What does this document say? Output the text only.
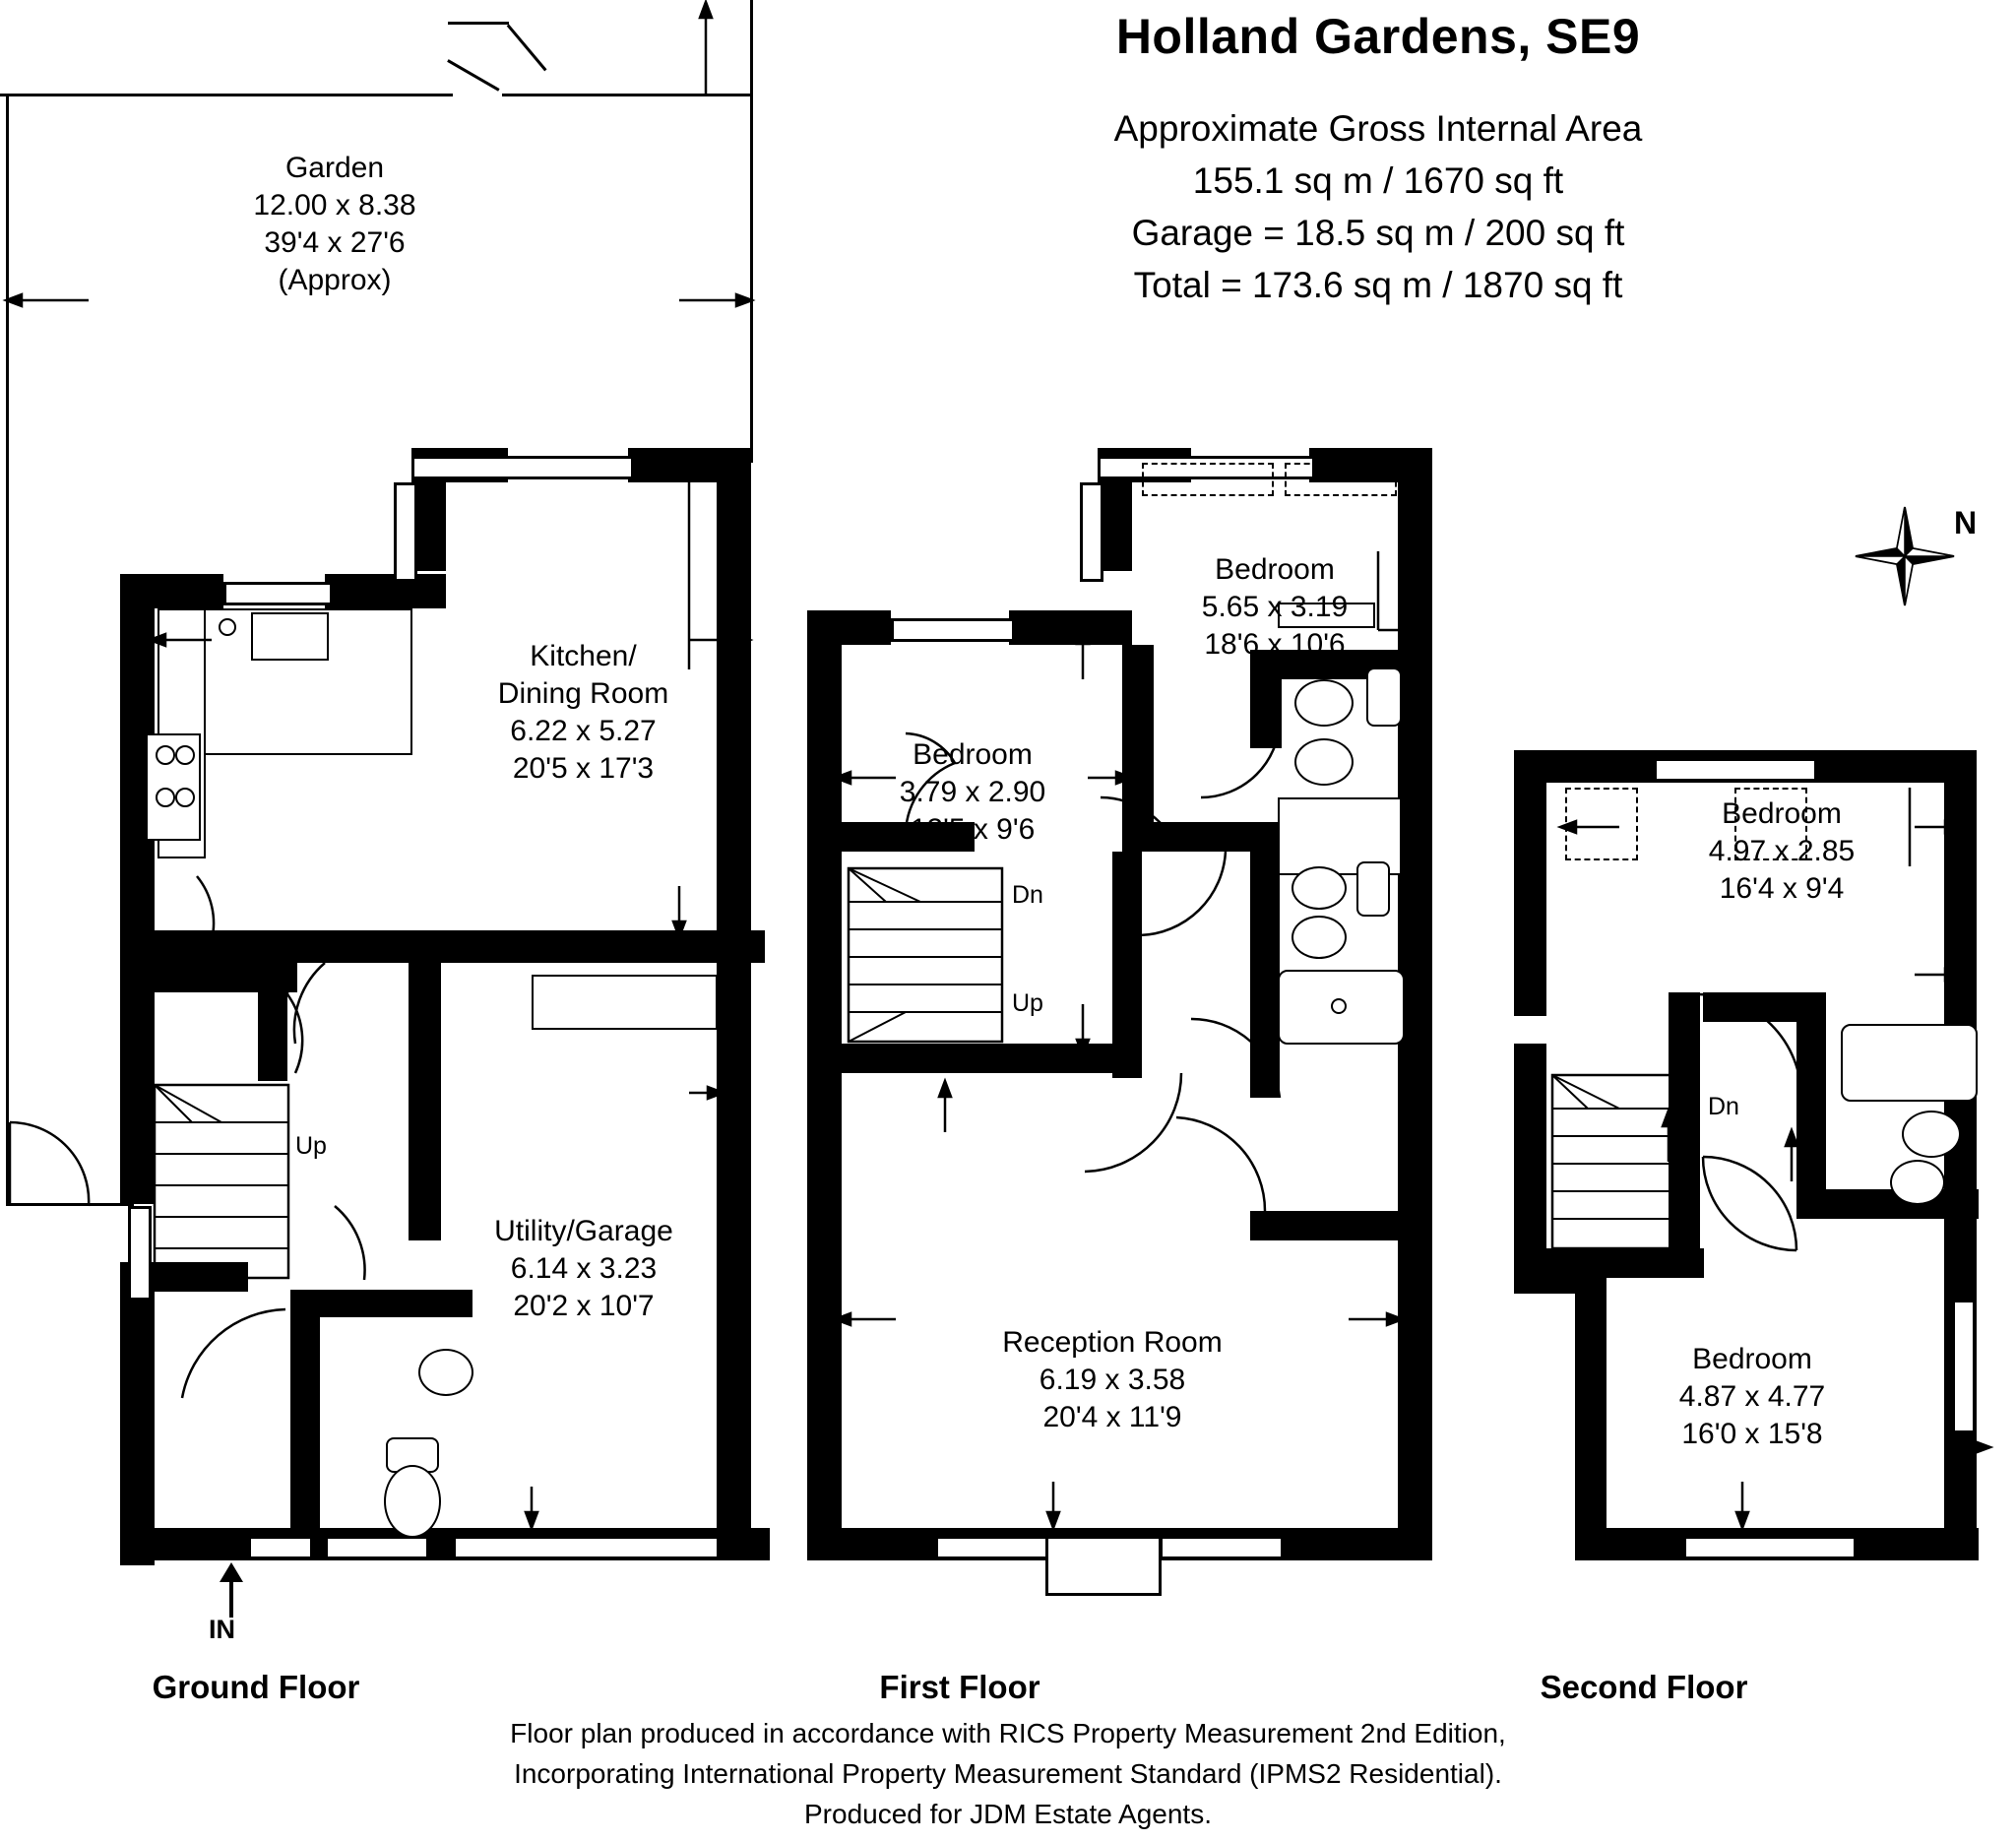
Holland Gardens, SE9
Approximate Gross Internal Area
155.1 sq m / 1670 sq ft
Garage = 18.5 sq m / 200 sq ft
Total = 173.6 sq m / 1870 sq ft
N
Garden
12.00 x 8.38
39'4 x 27'6
(Approx)
Up
IN
Kitchen/
Dining Room
6.22 x 5.27
20'5 x 17'3
Utility/Garage
6.14 x 3.23
20'2 x 10'7
Dn
Up
Bedroom
5.65 x 3.19
18'6 x 10'6
Bedroom
3.79 x 2.90
12'5 x 9'6
Reception Room
6.19 x 3.58
20'4 x 11'9
Dn
Bedroom
4.97 x 2.85
16'4 x 9'4
Bedroom
4.87 x 4.77
16'0 x 15'8
Ground Floor	First Floor	Second Floor
Floor plan produced in accordance with RICS Property Measurement 2nd Edition,
Incorporating International Property Measurement Standard (IPMS2 Residential).
Produced for JDM Estate Agents.
